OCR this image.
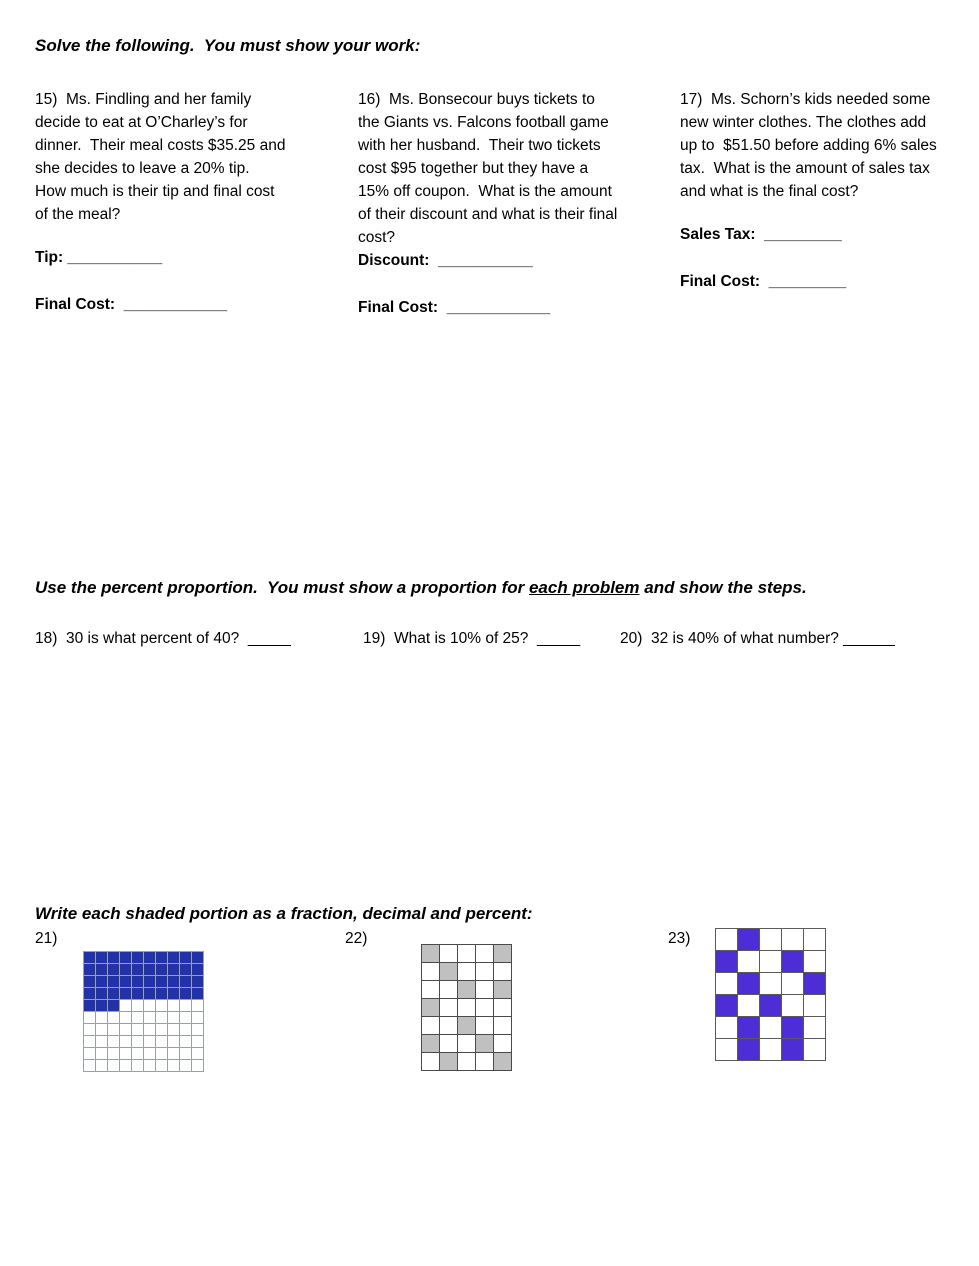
Solve the following.  You must show your work:

15)  Ms. Findling and her family decide to eat at O’Charley’s for dinner.  Their meal costs $35.25 and she decides to leave a 20% tip.  How much is their tip and final cost of the meal?

Tip: ___________

Final Cost:  ____________

16)  Ms. Bonsecour buys tickets to the Giants vs. Falcons football game with her husband.  Their two tickets cost $95 together but they have a 15% off coupon.  What is the amount of their discount and what is their final cost?

Discount:  ___________

Final Cost:  ____________

17)  Ms. Schorn’s kids needed some new winter clothes. The clothes add up to  $51.50 before adding 6% sales tax.  What is the amount of sales tax and what is the final cost?

Sales Tax:  _________

Final Cost:  _________

Use the percent proportion.  You must show a proportion for each problem and show the steps.
18)  30 is what percent of 40?  _____	19)  What is 10% of 25?  _____	20)  32 is 40% of what number? ______
Write each shaded portion as a fraction, decimal and percent:
21)	22)	23)
